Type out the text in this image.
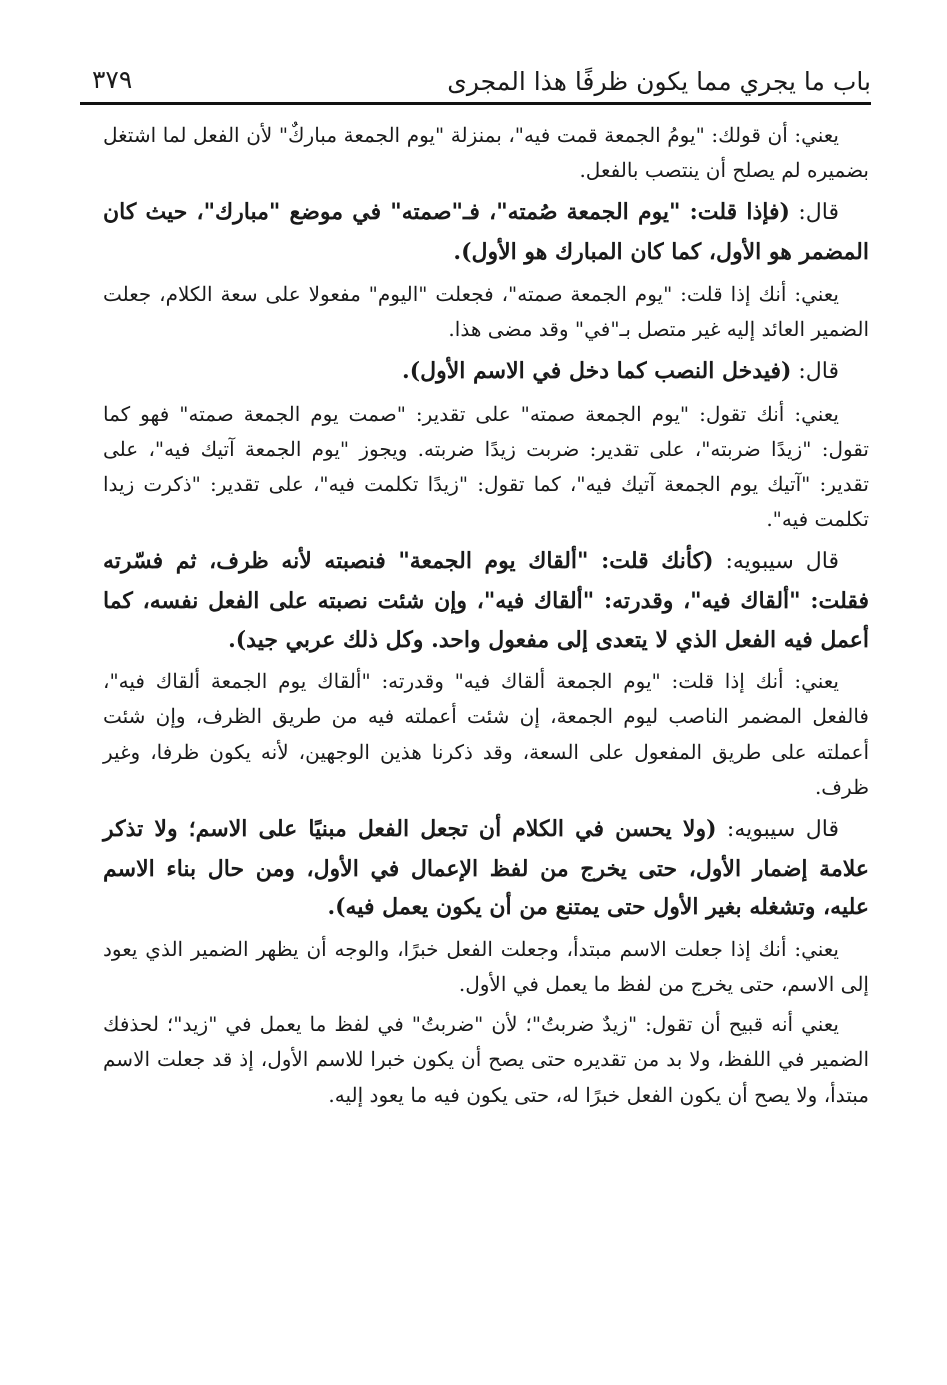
باب ما يجري مما يكون ظرفًا هذا المجرى
٣٧٩

يعني: أن قولك: "يومُ الجمعة قمت فيه"، بمنزلة "يوم الجمعة مباركٌ" لأن الفعل لما اشتغل بضميره لم يصلح أن ينتصب بالفعل.

قال: (فإذا قلت: "يوم الجمعة صُمته"، فـ"صمته" في موضع "مبارك"، حيث كان المضمر هو الأول، كما كان المبارك هو الأول).

يعني: أنك إذا قلت: "يوم الجمعة صمته"، فجعلت "اليوم" مفعولا على سعة الكلام، جعلت الضمير العائد إليه غير متصل بـ"في" وقد مضى هذا.

قال: (فيدخل النصب كما دخل في الاسم الأول).

يعني: أنك تقول: "يوم الجمعة صمته" على تقدير: "صمت يوم الجمعة صمته" فهو كما تقول: "زيدًا ضربته"، على تقدير: ضربت زيدًا ضربته. ويجوز "يوم الجمعة آتيك فيه"، على تقدير: "آتيك يوم الجمعة آتيك فيه"، كما تقول: "زيدًا تكلمت فيه"، على تقدير: "ذكرت زيدا تكلمت فيه".

قال سيبويه: (كأنك قلت: "ألقاك يوم الجمعة" فنصبته لأنه ظرف، ثم فسّرته فقلت: "ألقاك فيه"، وقدرته: "ألقاك فيه"، وإن شئت نصبته على الفعل نفسه، كما أعمل فيه الفعل الذي لا يتعدى إلى مفعول واحد. وكل ذلك عربي جيد).

يعني: أنك إذا قلت: "يوم الجمعة ألقاك فيه" وقدرته: "ألقاك يوم الجمعة ألقاك فيه"، فالفعل المضمر الناصب ليوم الجمعة، إن شئت أعملته فيه من طريق الظرف، وإن شئت أعملته على طريق المفعول على السعة، وقد ذكرنا هذين الوجهين، لأنه يكون ظرفا، وغير ظرف.

قال سيبويه: (ولا يحسن في الكلام أن تجعل الفعل مبنيًا على الاسم؛ ولا تذكر علامة إضمار الأول، حتى يخرج من لفظ الإعمال في الأول، ومن حال بناء الاسم عليه، وتشغله بغير الأول حتى يمتنع من أن يكون يعمل فيه).

يعني: أنك إذا جعلت الاسم مبتدأ، وجعلت الفعل خبرًا، والوجه أن يظهر الضمير الذي يعود إلى الاسم، حتى يخرج من لفظ ما يعمل في الأول.

يعني أنه قبيح أن تقول: "زيدٌ ضربتُ"؛ لأن "ضربتُ" في لفظ ما يعمل في "زيد"؛ لحذفك الضمير في اللفظ، ولا بد من تقديره حتى يصح أن يكون خبرا للاسم الأول، إذ قد جعلت الاسم مبتدأ، ولا يصح أن يكون الفعل خبرًا له، حتى يكون فيه ما يعود إليه.
